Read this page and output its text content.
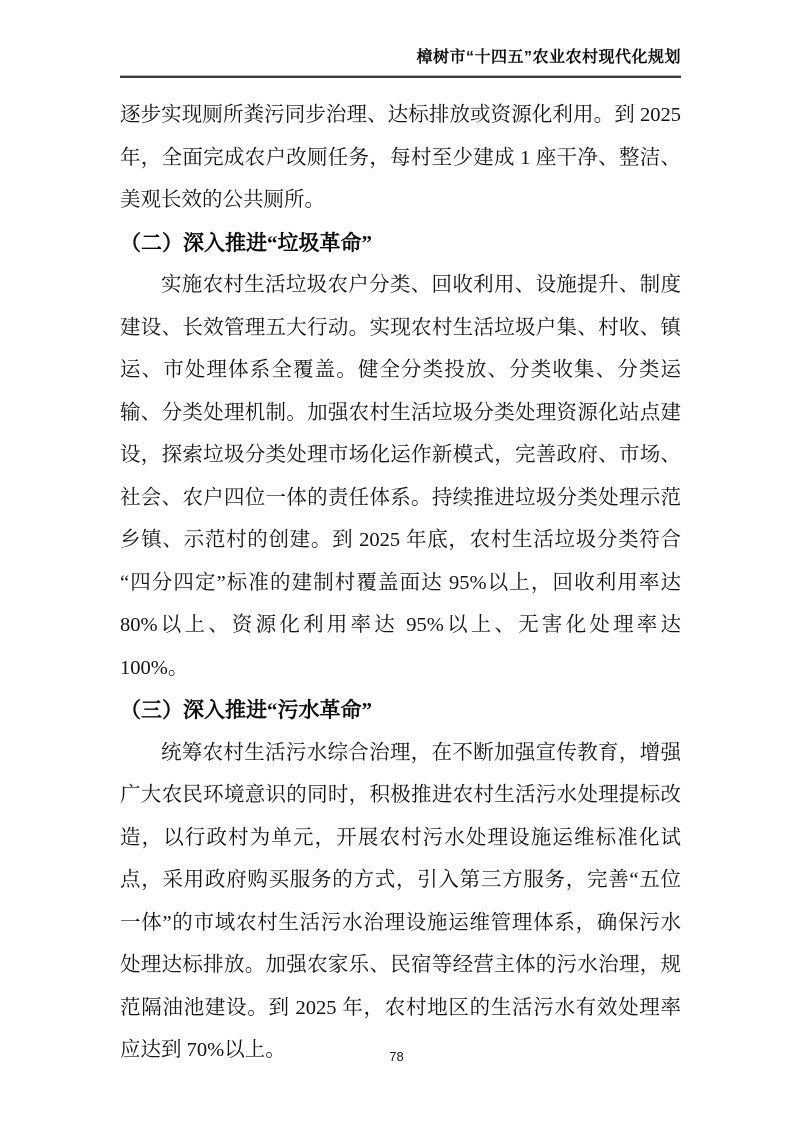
樟树市“十四五”农业农村现代化规划

逐步实现厕所粪污同步治理、达标排放或资源化利用。到 2025 年，全面完成农户改厕任务，每村至少建成 1 座干净、整洁、美观长效的公共厕所。

（二）深入推进“垃圾革命”

实施农村生活垃圾农户分类、回收利用、设施提升、制度建设、长效管理五大行动。实现农村生活垃圾户集、村收、镇运、市处理体系全覆盖。健全分类投放、分类收集、分类运输、分类处理机制。加强农村生活垃圾分类处理资源化站点建设，探索垃圾分类处理市场化运作新模式，完善政府、市场、社会、农户四位一体的责任体系。持续推进垃圾分类处理示范乡镇、示范村的创建。到 2025 年底，农村生活垃圾分类符合“四分四定”标准的建制村覆盖面达 95%以上，回收利用率达 80%以上、资源化利用率达 95%以上、无害化处理率达 100%。

（三）深入推进“污水革命”

统筹农村生活污水综合治理，在不断加强宣传教育，增强广大农民环境意识的同时，积极推进农村生活污水处理提标改造，以行政村为单元，开展农村污水处理设施运维标准化试点，采用政府购买服务的方式，引入第三方服务，完善“五位一体”的市域农村生活污水治理设施运维管理体系，确保污水处理达标排放。加强农家乐、民宿等经营主体的污水治理，规范隔油池建设。到 2025 年，农村地区的生活污水有效处理率应达到 70%以上。	78
